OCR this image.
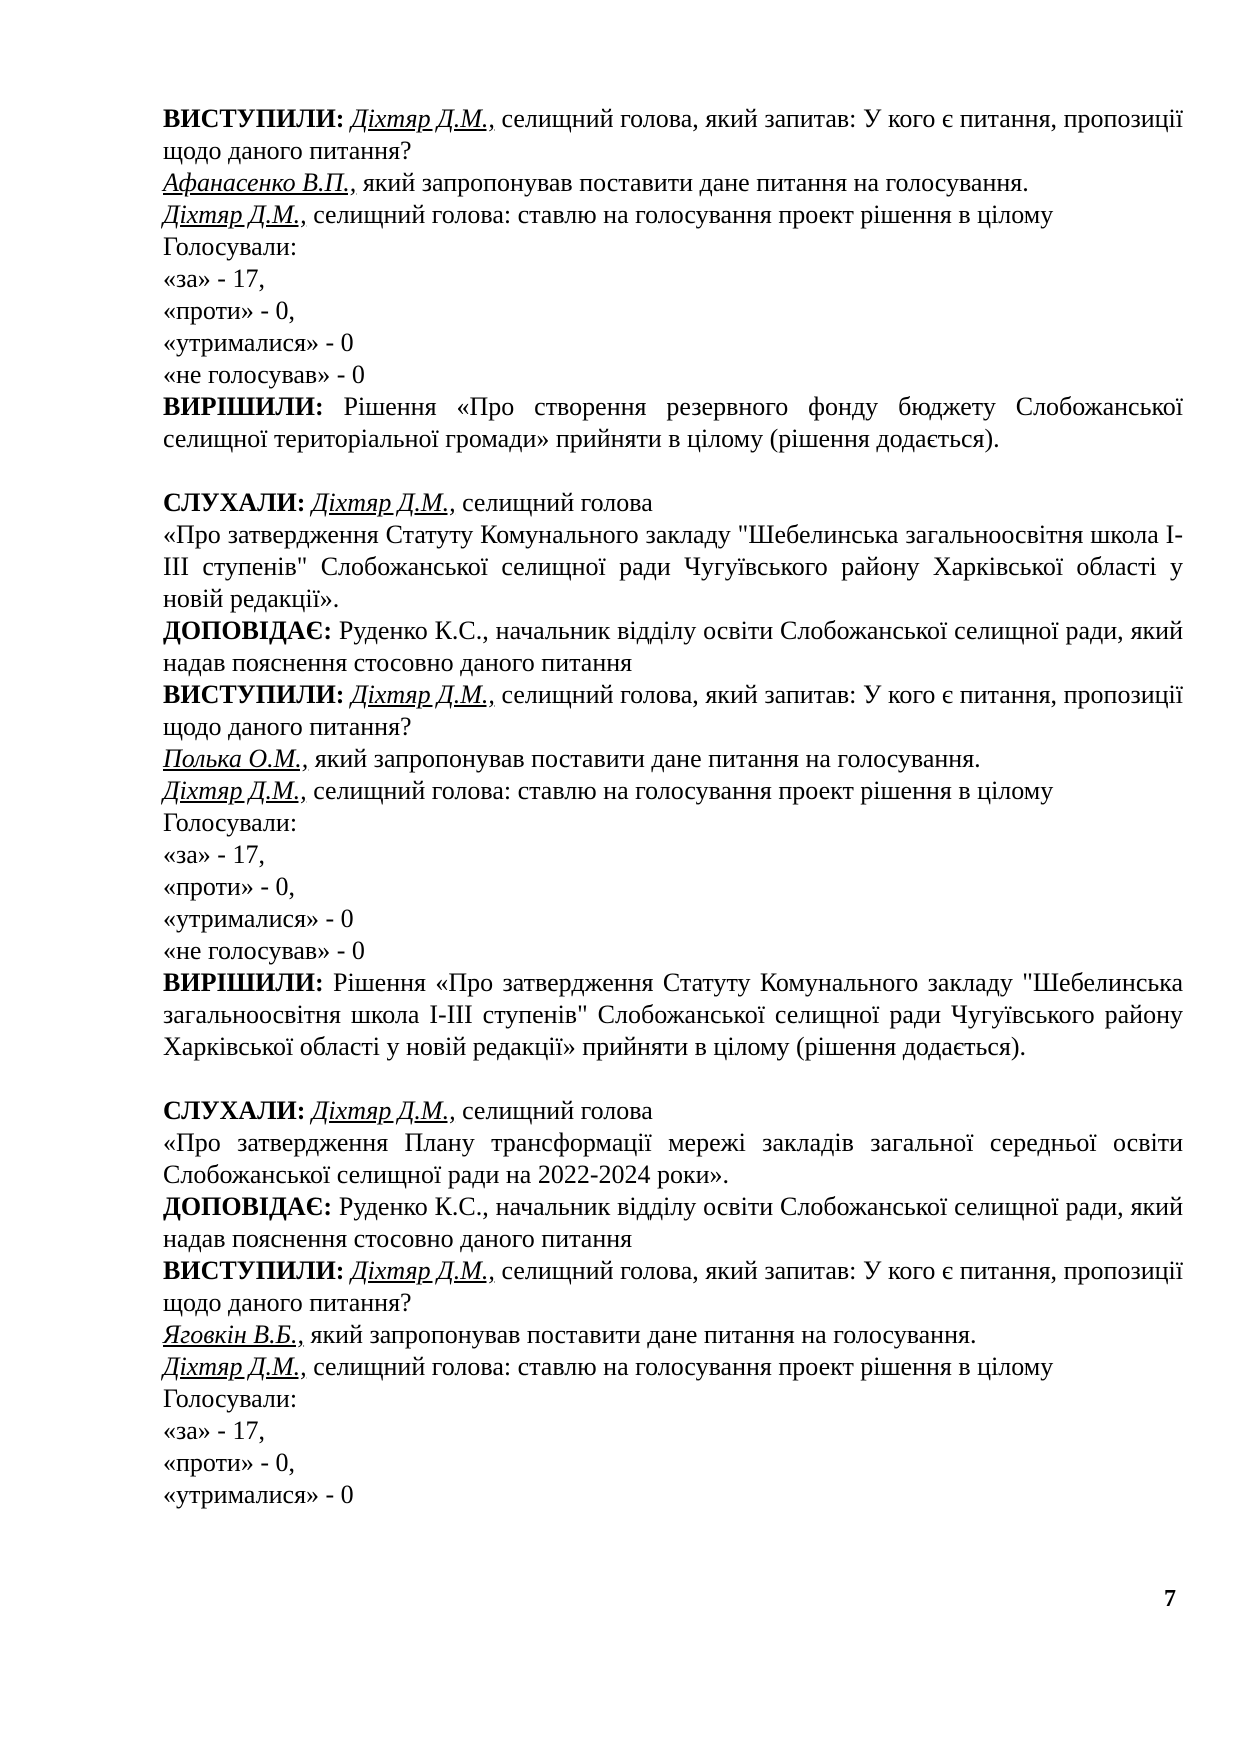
ВИСТУПИЛИ: Діхтяр Д.М., селищний голова, який запитав: У кого є питання, пропозиції щодо даного питання?

Афанасенко В.П., який запропонував поставити дане питання на голосування.

Діхтяр Д.М., селищний голова: ставлю на голосування проект рішення в цілому

Голосували:

«за» - 17,

«проти» - 0,

«утрималися» - 0

«не голосував» - 0

ВИРІШИЛИ: Рішення «Про створення резервного фонду бюджету Слобожанської селищної територіальної громади» прийняти в цілому (рішення додається).

СЛУХАЛИ: Діхтяр Д.М., селищний голова

«Про затвердження Статуту Комунального закладу "Шебелинська загальноосвітня школа І-ІІІ ступенів" Слобожанської селищної ради Чугуївського району Харківської області у новій редакції».

ДОПОВІДАЄ: Руденко К.С., начальник відділу освіти Слобожанської селищної ради, який надав пояснення стосовно даного питання

ВИСТУПИЛИ: Діхтяр Д.М., селищний голова, який запитав: У кого є питання, пропозиції щодо даного питання?

Полька О.М., який запропонував поставити дане питання на голосування.

Діхтяр Д.М., селищний голова: ставлю на голосування проект рішення в цілому

Голосували:

«за» - 17,

«проти» - 0,

«утрималися» - 0

«не голосував» - 0

ВИРІШИЛИ: Рішення «Про затвердження Статуту Комунального закладу "Шебелинська загальноосвітня школа І-ІІІ ступенів" Слобожанської селищної ради Чугуївського району Харківської області у новій редакції» прийняти в цілому (рішення додається).

СЛУХАЛИ: Діхтяр Д.М., селищний голова

«Про затвердження Плану трансформації мережі закладів загальної середньої освіти Слобожанської селищної ради на 2022-2024 роки».

ДОПОВІДАЄ: Руденко К.С., начальник відділу освіти Слобожанської селищної ради, який надав пояснення стосовно даного питання

ВИСТУПИЛИ: Діхтяр Д.М., селищний голова, який запитав: У кого є питання, пропозиції щодо даного питання?

Яговкін В.Б., який запропонував поставити дане питання на голосування.

Діхтяр Д.М., селищний голова: ставлю на голосування проект рішення в цілому

Голосували:

«за» - 17,

«проти» - 0,

«утрималися» - 0

7
